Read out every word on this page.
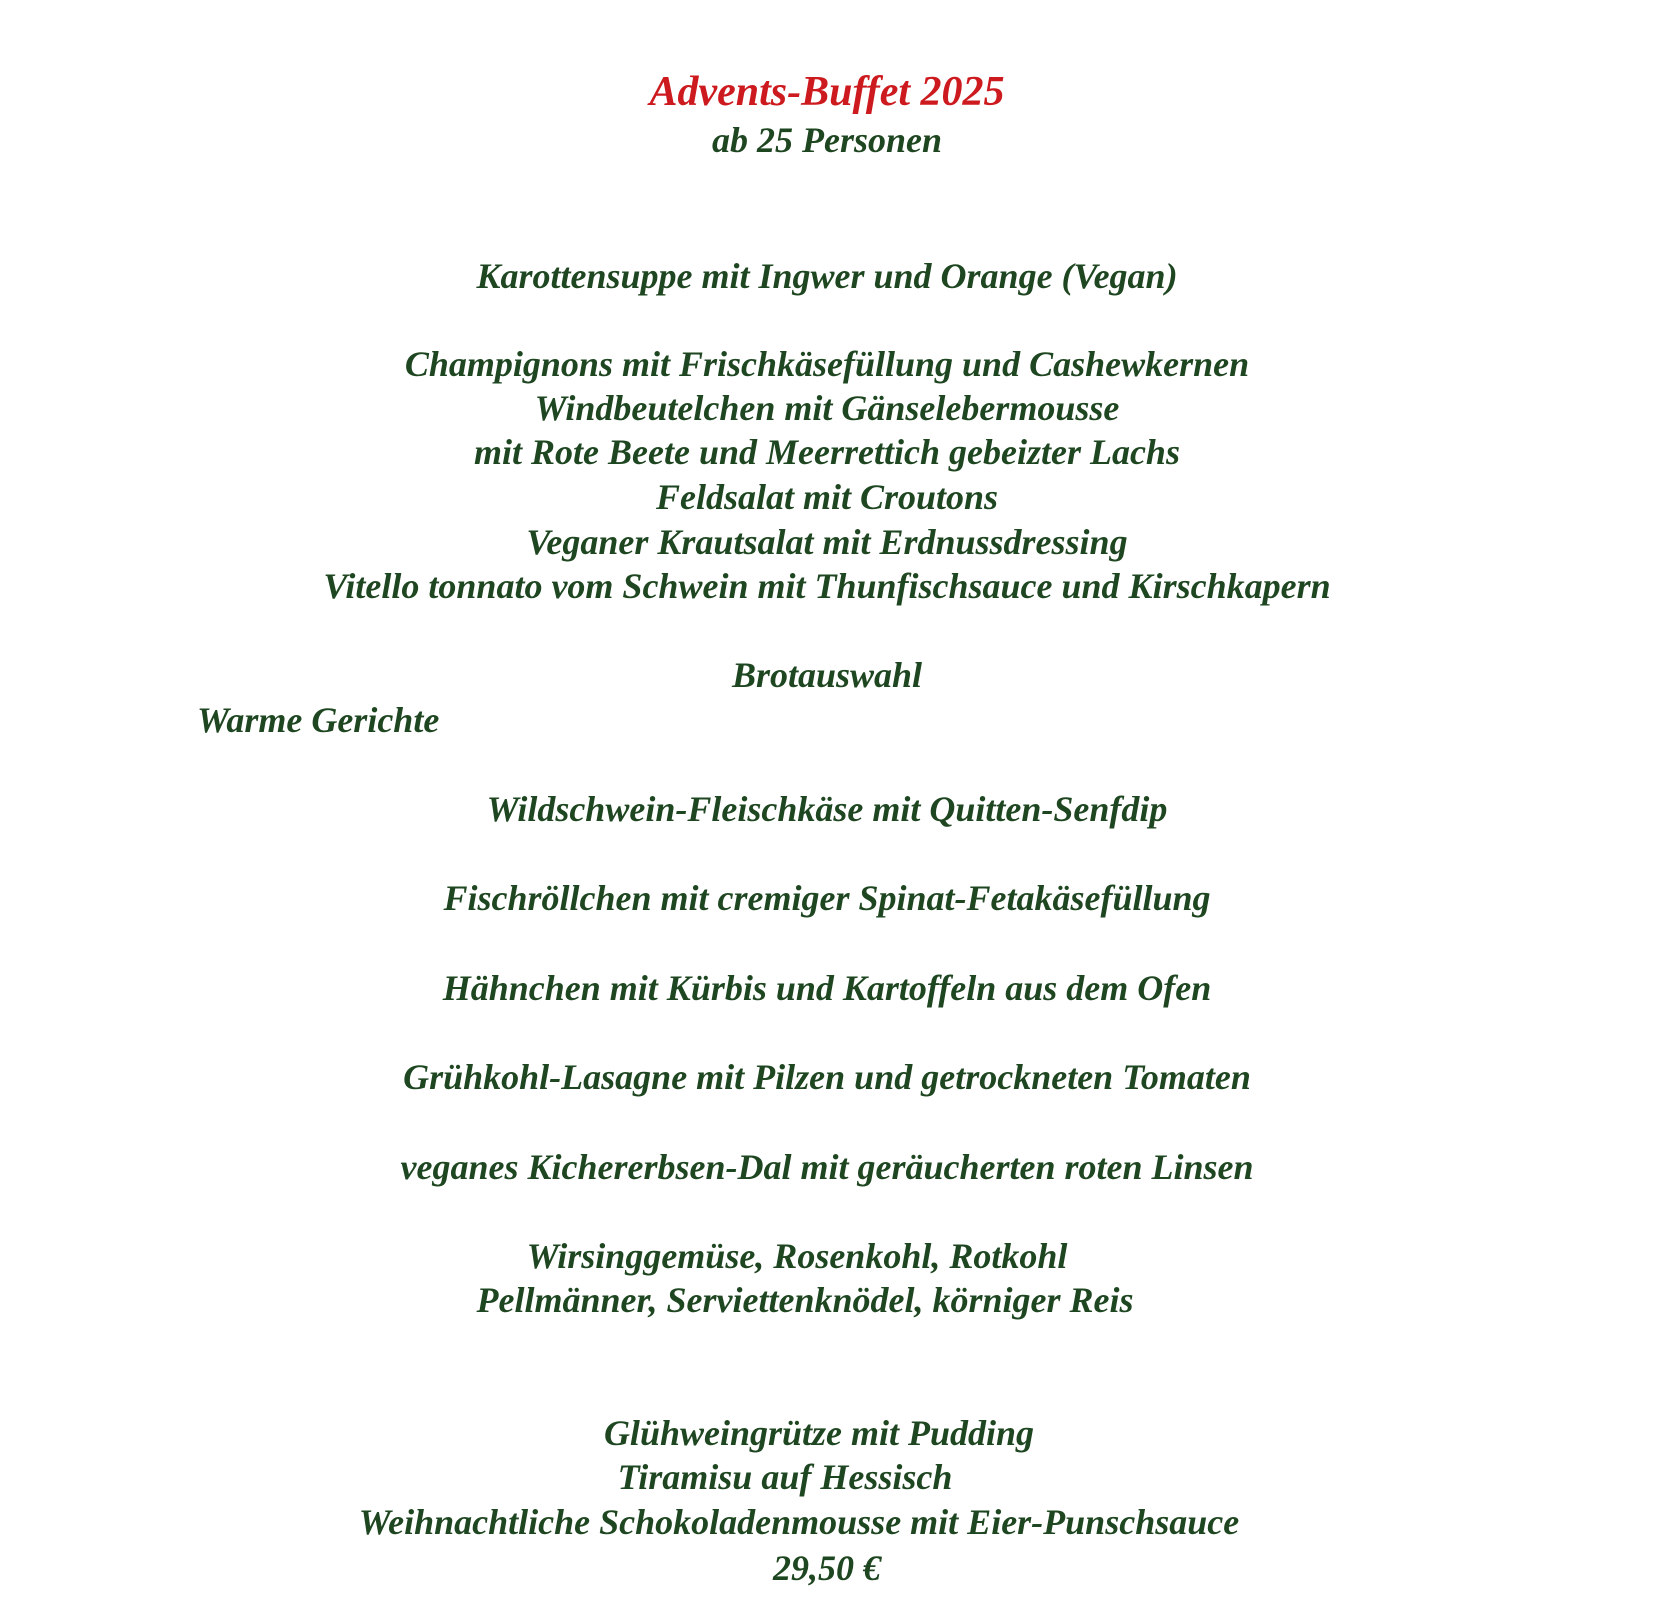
Advents-Buffet 2025
ab 25 Personen
Karottensuppe mit Ingwer und Orange (Vegan)
Champignons mit Frischkäsefüllung und Cashewkernen
Windbeutelchen mit Gänselebermousse
mit Rote Beete und Meerrettich gebeizter Lachs
Feldsalat mit Croutons
Veganer Krautsalat mit Erdnussdressing
Vitello tonnato vom Schwein mit Thunfischsauce und Kirschkapern
Brotauswahl
Warme Gerichte
Wildschwein-Fleischkäse mit Quitten-Senfdip
Fischröllchen mit cremiger Spinat-Fetakäsefüllung
Hähnchen mit Kürbis und Kartoffeln aus dem Ofen
Grühkohl-Lasagne mit Pilzen und getrockneten Tomaten
veganes Kichererbsen-Dal mit geräucherten roten Linsen
Wirsinggemüse, Rosenkohl, Rotkohl
Pellmänner, Serviettenknödel, körniger Reis
Glühweingrütze mit Pudding
Tiramisu auf Hessisch
Weihnachtliche Schokoladenmousse mit Eier-Punschsauce
29,50 €
